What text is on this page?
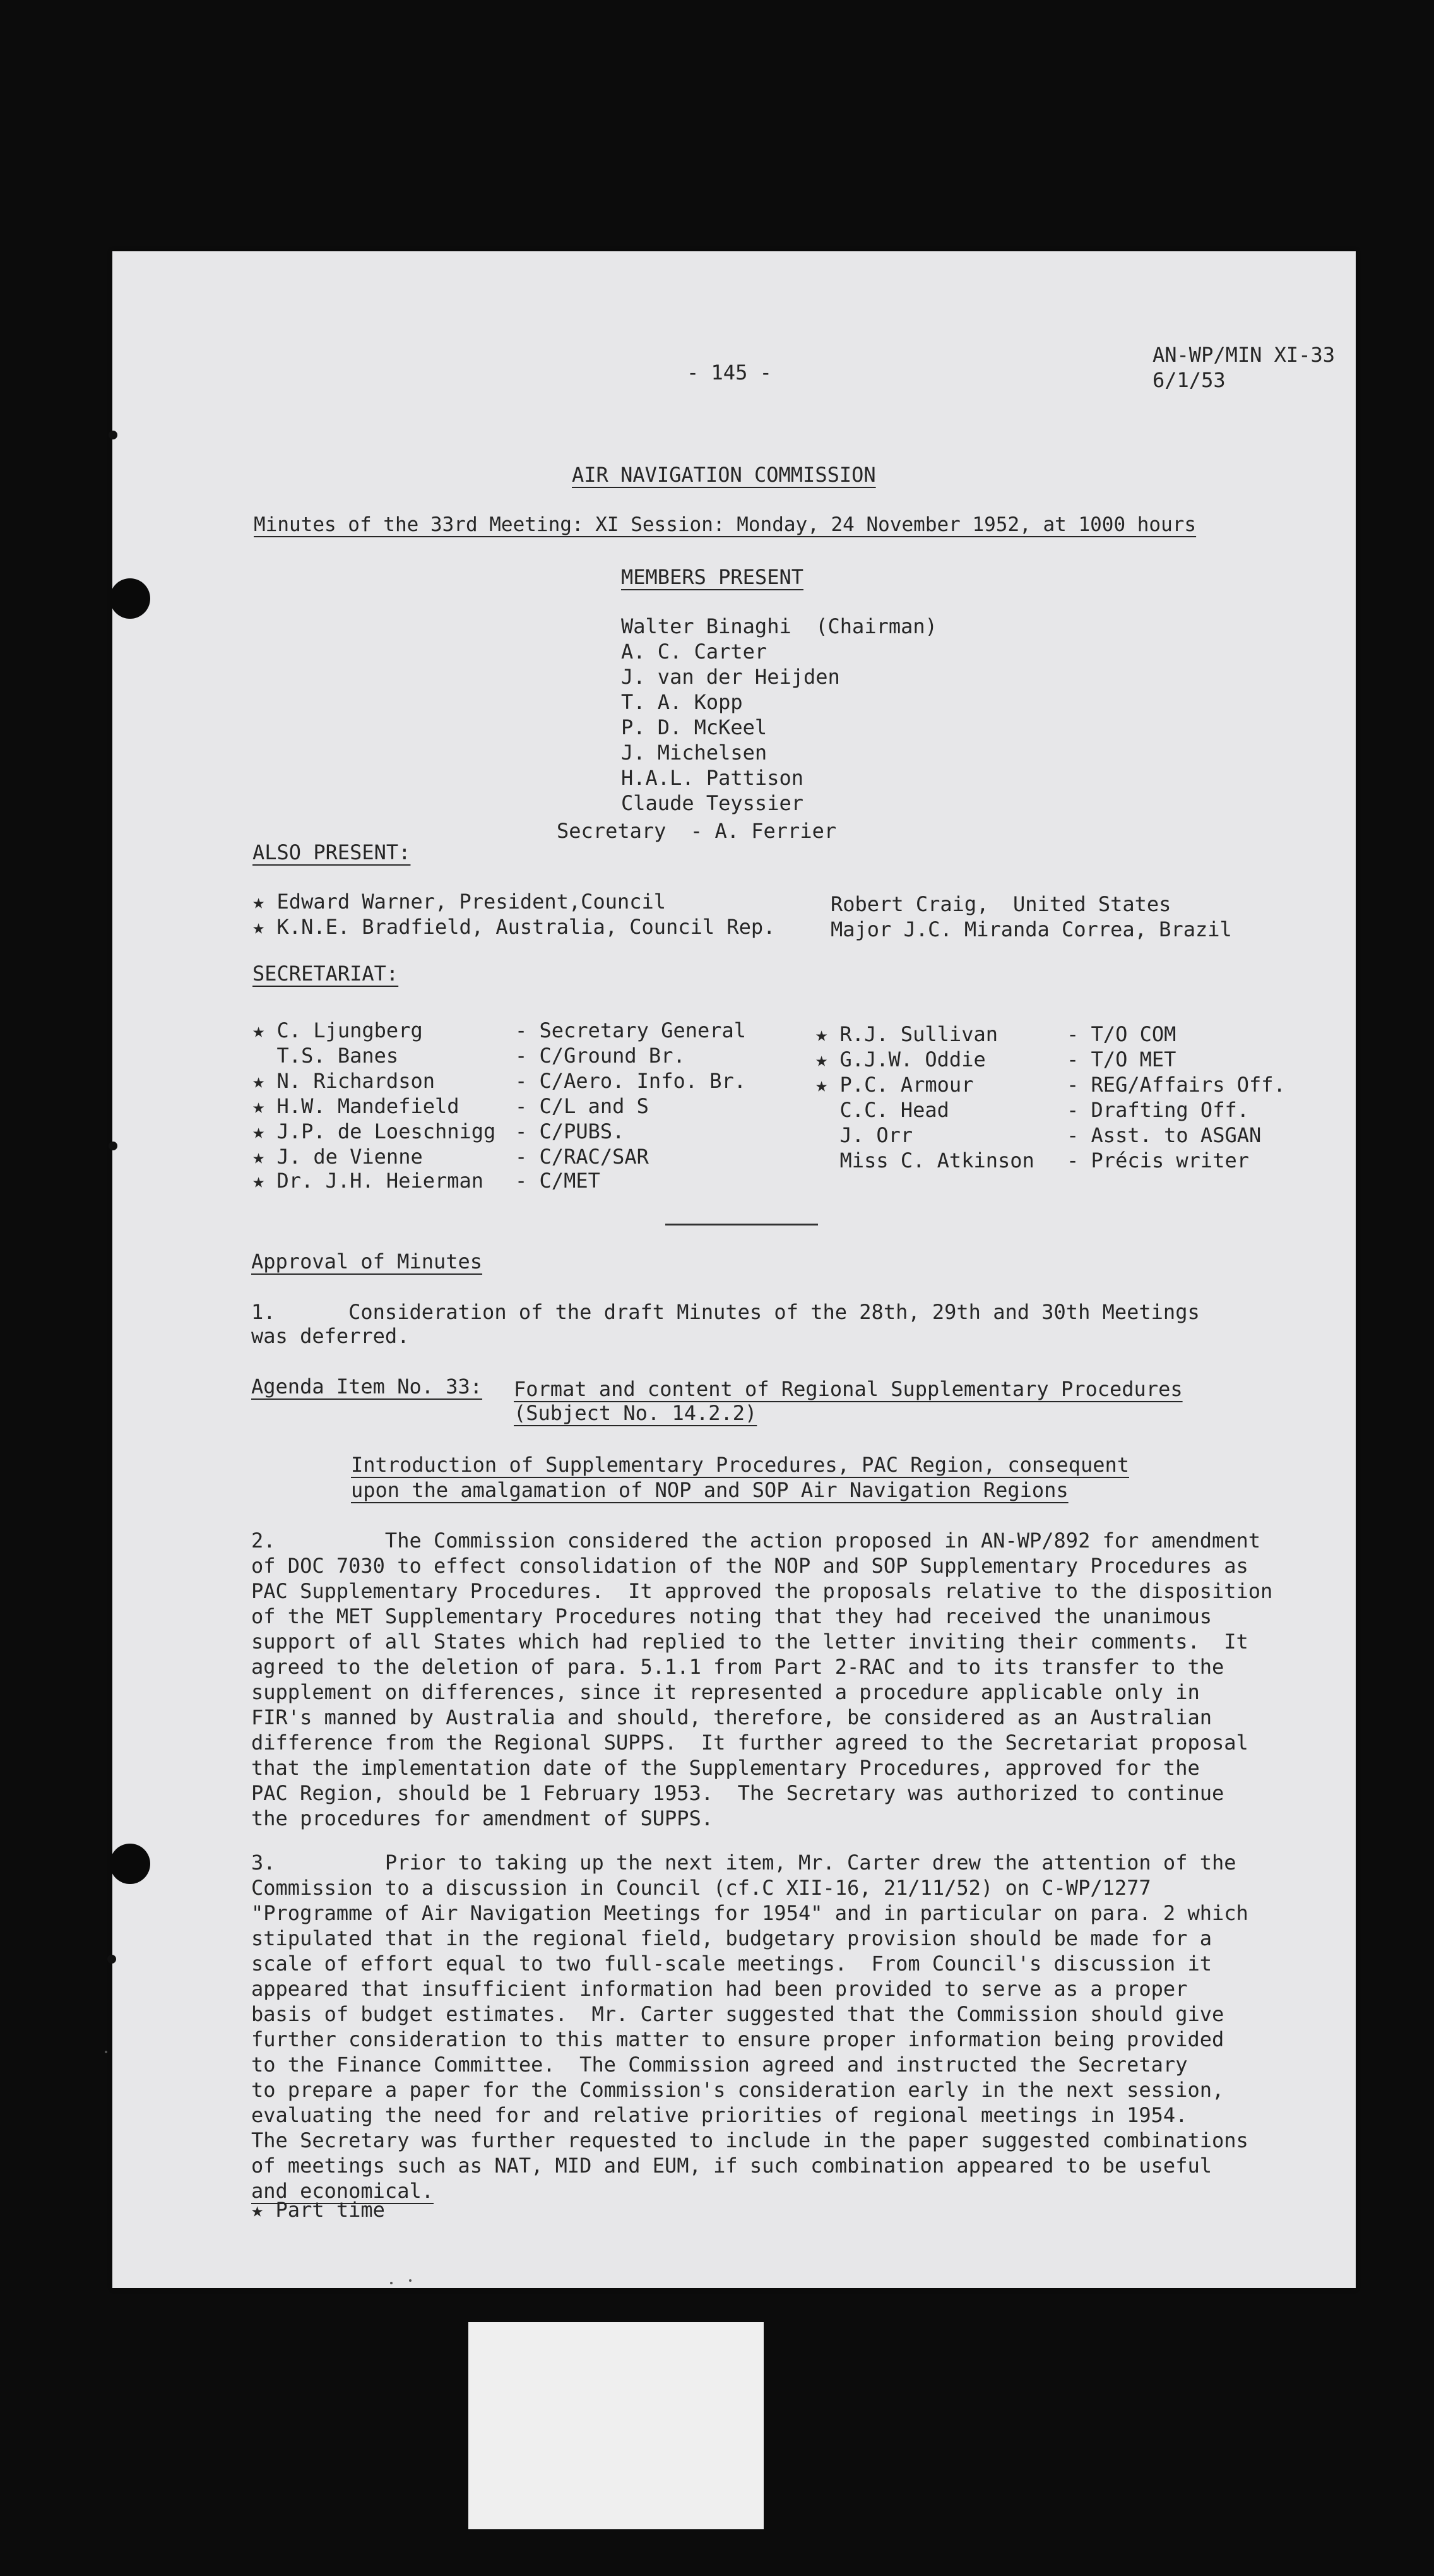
- 145 -
AN-WP/MIN XI-33
6/1/53
AIR NAVIGATION COMMISSION
Minutes of the 33rd Meeting: XI Session: Monday, 24 November 1952, at 1000 hours
MEMBERS PRESENT
Walter Binaghi  (Chairman)
A. C. Carter
J. van der Heijden
T. A. Kopp
P. D. McKeel
J. Michelsen
H.A.L. Pattison
Claude Teyssier
Secretary  - A. Ferrier
ALSO PRESENT:
★ Edward Warner, President,Council
★ K.N.E. Bradfield, Australia, Council Rep.
Robert Craig,  United States
Major J.C. Miranda Correa, Brazil
SECRETARIAT:
★ C. Ljungberg
T.S. Banes
★ N. Richardson
★ H.W. Mandefield
★ J.P. de Loeschnigg
★ J. de Vienne
★ Dr. J.H. Heierman
- Secretary General
- C/Ground Br.
- C/Aero. Info. Br.
- C/L and S
- C/PUBS.
- C/RAC/SAR
- C/MET
★ R.J. Sullivan
★ G.J.W. Oddie
★ P.C. Armour
C.C. Head
J. Orr
Miss C. Atkinson
- T/O COM
- T/O MET
- REG/Affairs Off.
- Drafting Off.
- Asst. to ASGAN
- Précis writer
Approval of Minutes
1.      Consideration of the draft Minutes of the 28th, 29th and 30th Meetings
was deferred.
Agenda Item No. 33: Format and content of Regional Supplementary Procedures
(Subject No. 14.2.2)
Introduction of Supplementary Procedures, PAC Region, consequent
upon the amalgamation of NOP and SOP Air Navigation Regions
2.         The Commission considered the action proposed in AN-WP/892 for amendment
of DOC 7030 to effect consolidation of the NOP and SOP Supplementary Procedures as
PAC Supplementary Procedures.  It approved the proposals relative to the disposition
of the MET Supplementary Procedures noting that they had received the unanimous
support of all States which had replied to the letter inviting their comments.  It
agreed to the deletion of para. 5.1.1 from Part 2-RAC and to its transfer to the
supplement on differences, since it represented a procedure applicable only in
FIR's manned by Australia and should, therefore, be considered as an Australian
difference from the Regional SUPPS.  It further agreed to the Secretariat proposal
that the implementation date of the Supplementary Procedures, approved for the
PAC Region, should be 1 February 1953.  The Secretary was authorized to continue
the procedures for amendment of SUPPS.
3.         Prior to taking up the next item, Mr. Carter drew the attention of the
Commission to a discussion in Council (cf.C XII-16, 21/11/52) on C-WP/1277
"Programme of Air Navigation Meetings for 1954" and in particular on para. 2 which
stipulated that in the regional field, budgetary provision should be made for a
scale of effort equal to two full-scale meetings.  From Council's discussion it
appeared that insufficient information had been provided to serve as a proper
basis of budget estimates.  Mr. Carter suggested that the Commission should give
further consideration to this matter to ensure proper information being provided
to the Finance Committee.  The Commission agreed and instructed the Secretary
to prepare a paper for the Commission's consideration early in the next session,
evaluating the need for and relative priorities of regional meetings in 1954.
The Secretary was further requested to include in the paper suggested combinations
of meetings such as NAT, MID and EUM, if such combination appeared to be useful
and economical.
★ Part time
